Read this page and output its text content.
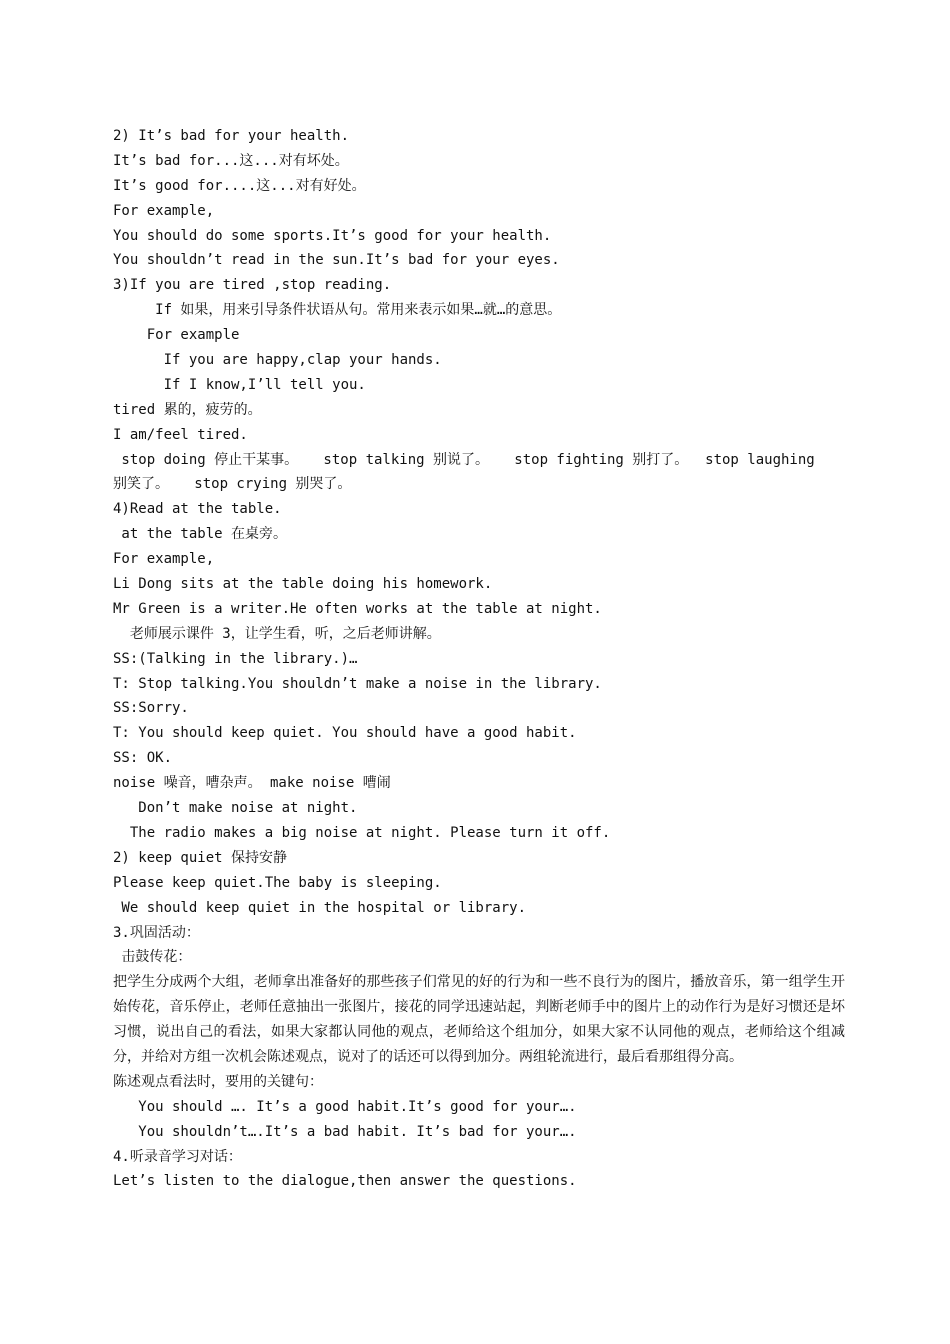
2) It’s bad for your health.
It’s bad for...这...对有坏处。
It’s good for....这...对有好处。
For example,
You should do some sports.It’s good for your health.
You shouldn’t read in the sun.It’s bad for your eyes.
3)If you are tired ,stop reading.
If 如果，用来引导条件状语从句。常用来表示如果…就…的意思。
For example
If you are happy,clap your hands.
If I know,I’ll tell you.
tired 累的，疲劳的。
I am/feel tired.
stop doing 停止干某事。   stop talking 别说了。   stop fighting 别打了。  stop laughing
别笑了。   stop crying 别哭了。
4)Read at the table.
at the table 在桌旁。
For example,
Li Dong sits at the table doing his homework.
Mr Green is a writer.He often works at the table at night.
老师展示课件 3，让学生看，听，之后老师讲解。
SS:(Talking in the library.)…
T: Stop talking.You shouldn’t make a noise in the library.
SS:Sorry.
T: You should keep quiet. You should have a good habit.
SS: OK.
noise 噪音，嘈杂声。 make noise 嘈闹
Don’t make noise at night.
The radio makes a big noise at night. Please turn it off.
2) keep quiet 保持安静
Please keep quiet.The baby is sleeping.
We should keep quiet in the hospital or library.
3.巩固活动：
击鼓传花：
把学生分成两个大组，老师拿出准备好的那些孩子们常见的好的行为和一些不良行为的图片，播放音乐，第一组学生开始传花，音乐停止，老师任意抽出一张图片，接花的同学迅速站起，判断老师手中的图片上的动作行为是好习惯还是坏习惯，说出自己的看法，如果大家都认同他的观点，老师给这个组加分，如果大家不认同他的观点，老师给这个组减分，并给对方组一次机会陈述观点，说对了的话还可以得到加分。两组轮流进行，最后看那组得分高。
陈述观点看法时，要用的关键句：
You should …. It’s a good habit.It’s good for your….
You shouldn’t….It’s a bad habit. It’s bad for your….
4.听录音学习对话：
Let’s listen to the dialogue,then answer the questions.
